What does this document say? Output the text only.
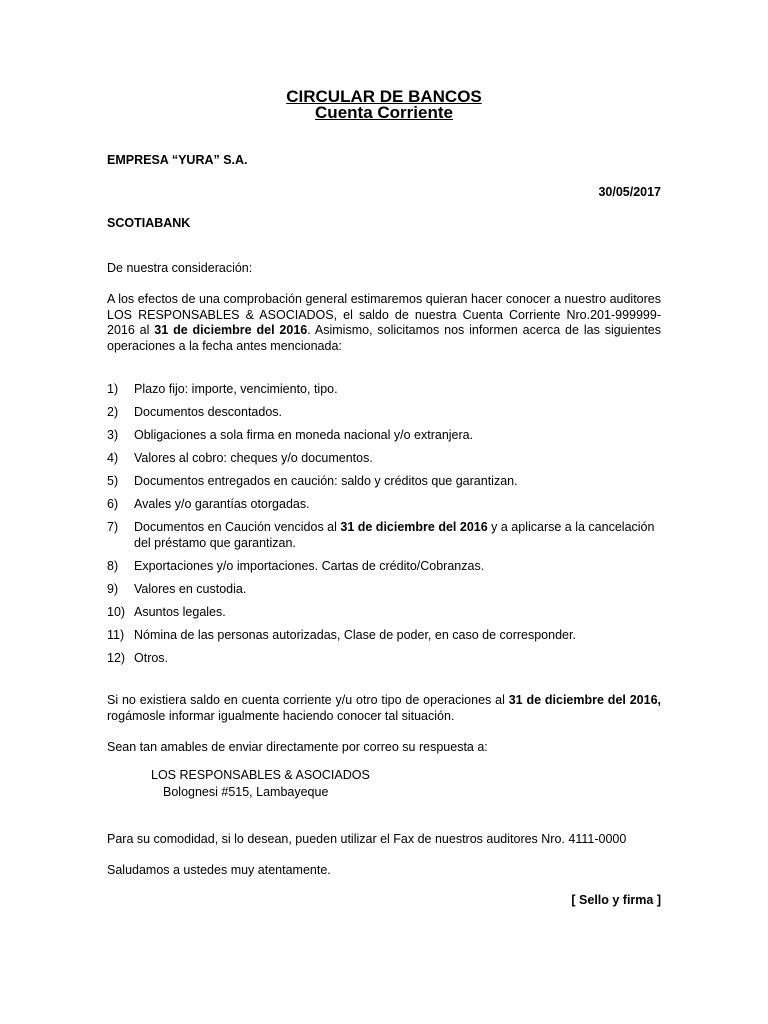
CIRCULAR DE BANCOS
Cuenta Corriente
EMPRESA “YURA” S.A.
30/05/2017
SCOTIABANK
De nuestra consideración:
A los efectos de una comprobación general estimaremos quieran hacer conocer a nuestro auditores LOS RESPONSABLES & ASOCIADOS, el saldo de nuestra Cuenta Corriente Nro.201-999999-2016 al 31 de diciembre del 2016. Asimismo, solicitamos nos informen acerca de las siguientes operaciones a la fecha antes mencionada:
1) Plazo fijo: importe, vencimiento, tipo.
2) Documentos descontados.
3) Obligaciones a sola firma en moneda nacional y/o extranjera.
4) Valores al cobro: cheques y/o documentos.
5) Documentos entregados en caución: saldo y créditos que garantizan.
6) Avales y/o garantías otorgadas.
7) Documentos en Caución vencidos al 31 de diciembre del 2016 y a aplicarse a la cancelación del préstamo que garantizan.
8) Exportaciones y/o importaciones. Cartas de crédito/Cobranzas.
9) Valores en custodia.
10) Asuntos legales.
11) Nómina de las personas autorizadas, Clase de poder, en caso de corresponder.
12) Otros.
Si no existiera saldo en cuenta corriente y/u otro tipo de operaciones al 31 de diciembre del 2016, rogámosle informar igualmente haciendo conocer tal situación.
Sean tan amables de enviar directamente por correo su respuesta a:
LOS RESPONSABLES & ASOCIADOS
Bolognesi #515, Lambayeque
Para su comodidad, si lo desean, pueden utilizar el Fax de nuestros auditores Nro. 4111-0000
Saludamos a ustedes muy atentamente.
[ Sello y firma ]
